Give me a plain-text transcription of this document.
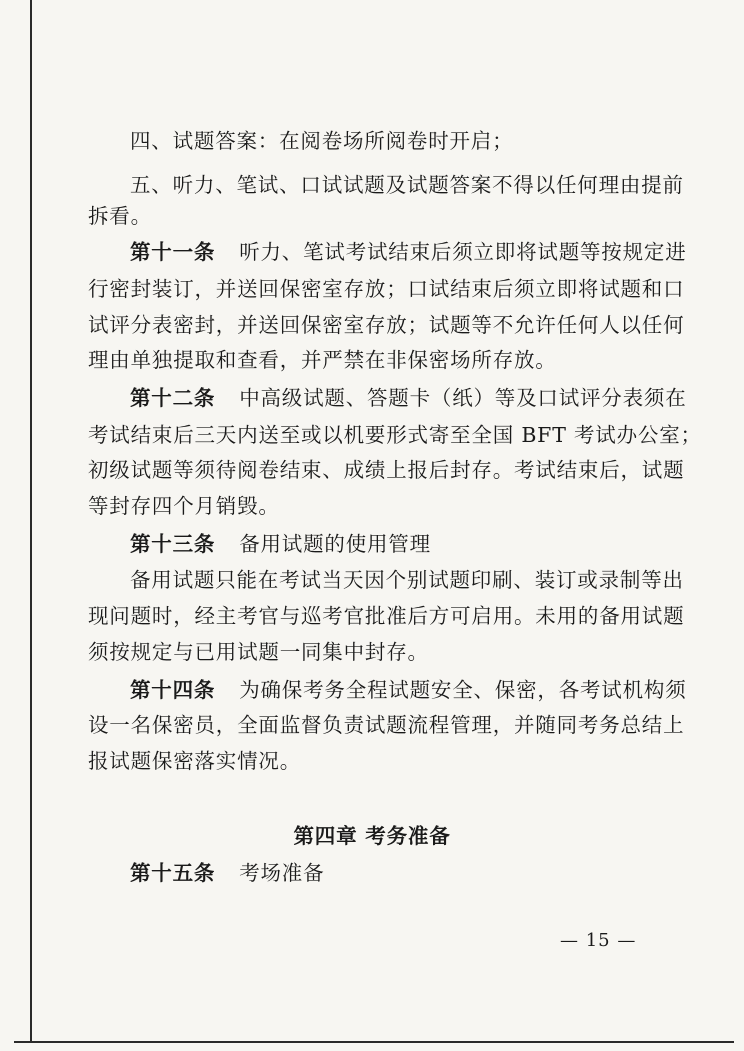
四、试题答案：在阅卷场所阅卷时开启；
五、听力、笔试、口试试题及试题答案不得以任何理由提前
拆看。
第十一条 听力、笔试考试结束后须立即将试题等按规定进
行密封装订，并送回保密室存放；口试结束后须立即将试题和口
试评分表密封，并送回保密室存放；试题等不允许任何人以任何
理由单独提取和查看，并严禁在非保密场所存放。
第十二条 中高级试题、答题卡（纸）等及口试评分表须在
考试结束后三天内送至或以机要形式寄至全国 BFT 考试办公室；
初级试题等须待阅卷结束、成绩上报后封存。考试结束后，试题
等封存四个月销毁。
第十三条 备用试题的使用管理
备用试题只能在考试当天因个别试题印刷、装订或录制等出
现问题时，经主考官与巡考官批准后方可启用。未用的备用试题
须按规定与已用试题一同集中封存。
第十四条 为确保考务全程试题安全、保密，各考试机构须
设一名保密员，全面监督负责试题流程管理，并随同考务总结上
报试题保密落实情况。
第四章 考务准备
第十五条 考场准备
— 15 —
